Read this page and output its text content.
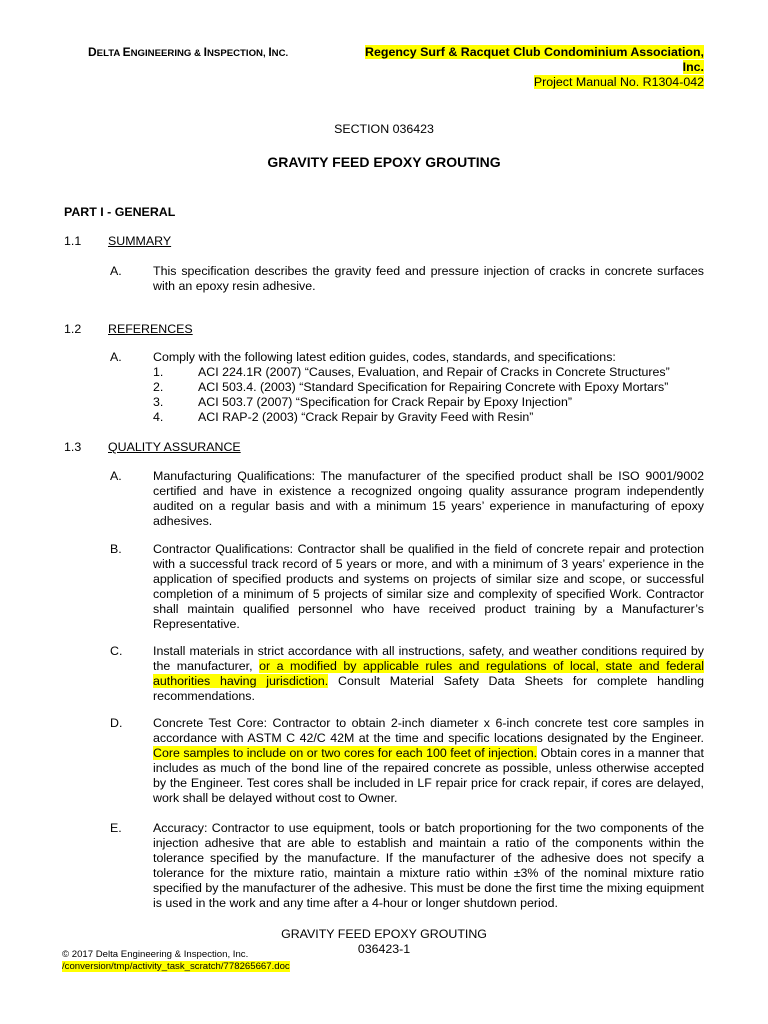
DELTA ENGINEERING & INSPECTION, INC.	Regency Surf & Racquet Club Condominium Association,
Inc.
Project Manual No. R1304-042
SECTION 036423
GRAVITY FEED EPOXY GROUTING
PART I - GENERAL
1.1 SUMMARY
A.	This specification describes the gravity feed and pressure injection of cracks in concrete surfaces with an epoxy resin adhesive.
1.2 REFERENCES
A.	Comply with the following latest edition guides, codes, standards, and specifications:
1.	ACI 224.1R (2007) “Causes, Evaluation, and Repair of Cracks in Concrete Structures”
2.	ACI 503.4. (2003) “Standard Specification for Repairing Concrete with Epoxy Mortars”
3.	ACI 503.7 (2007) “Specification for Crack Repair by Epoxy Injection”
4.	ACI RAP-2 (2003) “Crack Repair by Gravity Feed with Resin”
1.3 QUALITY ASSURANCE
A.	Manufacturing Qualifications: The manufacturer of the specified product shall be ISO 9001/9002 certified and have in existence a recognized ongoing quality assurance program independently audited on a regular basis and with a minimum 15 years’ experience in manufacturing of epoxy adhesives.
B.	Contractor Qualifications: Contractor shall be qualified in the field of concrete repair and protection with a successful track record of 5 years or more, and with a minimum of 3 years’ experience in the application of specified products and systems on projects of similar size and scope, or successful completion of a minimum of 5 projects of similar size and complexity of specified Work. Contractor shall maintain qualified personnel who have received product training by a Manufacturer’s Representative.
C. Install materials in strict accordance with all instructions, safety, and weather conditions required by the manufacturer, or a modified by applicable rules and regulations of local, state and federal authorities having jurisdiction. Consult Material Safety Data Sheets for complete handling recommendations.
D. Concrete Test Core: Contractor to obtain 2-inch diameter x 6-inch concrete test core samples in accordance with ASTM C 42/C 42M at the time and specific locations designated by the Engineer. Core samples to include on or two cores for each 100 feet of injection. Obtain cores in a manner that includes as much of the bond line of the repaired concrete as possible, unless otherwise accepted by the Engineer. Test cores shall be included in LF repair price for crack repair, if cores are delayed, work shall be delayed without cost to Owner.
E.	Accuracy: Contractor to use equipment, tools or batch proportioning for the two components of the injection adhesive that are able to establish and maintain a ratio of the components within the tolerance specified by the manufacture. If the manufacturer of the adhesive does not specify a tolerance for the mixture ratio, maintain a mixture ratio within ±3% of the nominal mixture ratio specified by the manufacturer of the adhesive. This must be done the first time the mixing equipment is used in the work and any time after a 4-hour or longer shutdown period.
GRAVITY FEED EPOXY GROUTING
036423-1
© 2017 Delta Engineering & Inspection, Inc.
/conversion/tmp/activity_task_scratch/778265667.doc
